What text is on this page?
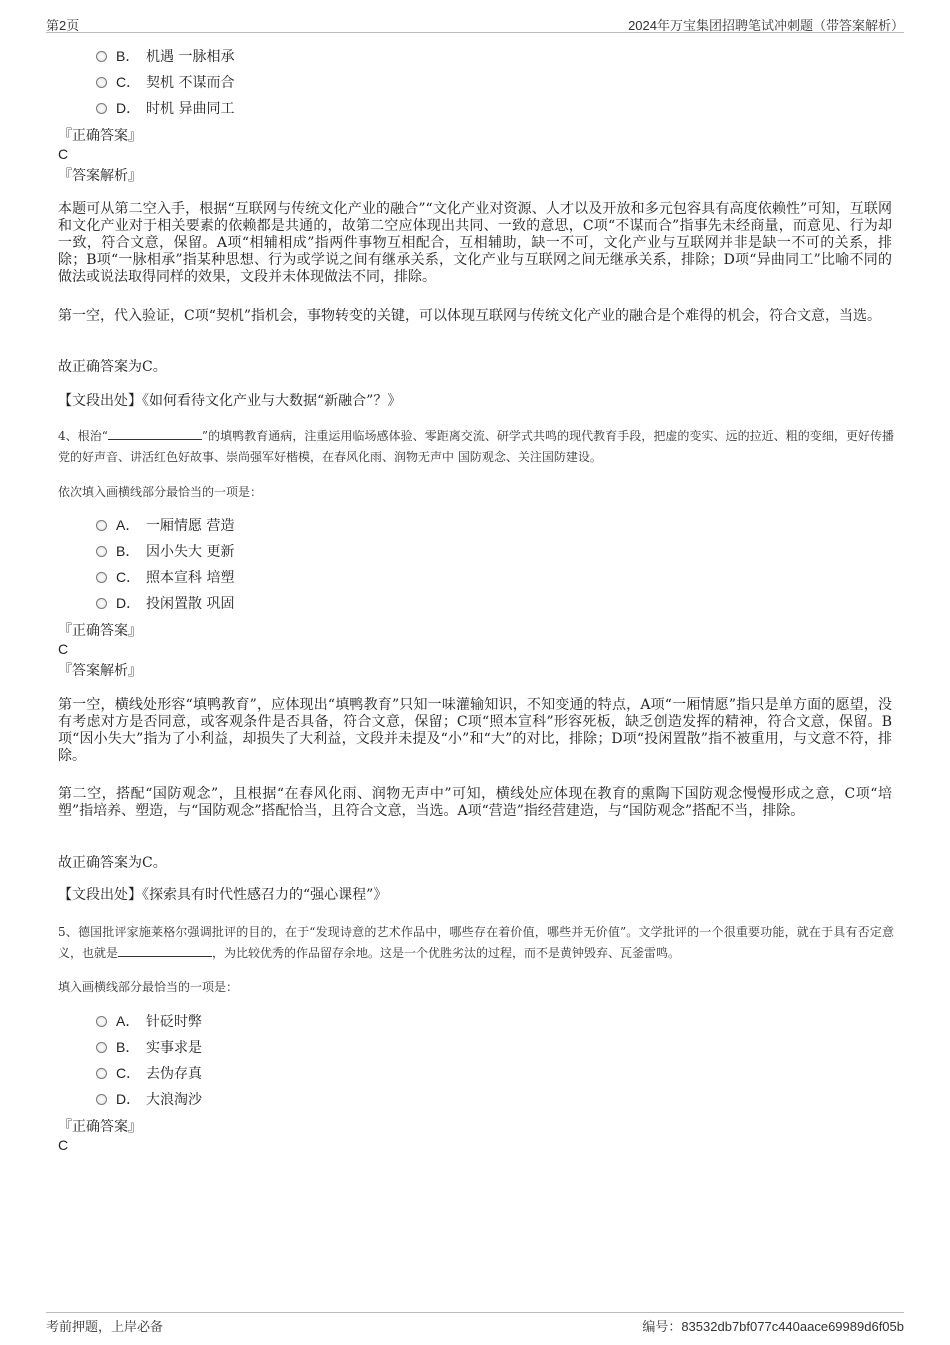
第2页	2024年万宝集团招聘笔试冲刺题（带答案解析）
B． 机遇 一脉相承
C． 契机 不谋而合
D． 时机 异曲同工
『正确答案』
C
『答案解析』
本题可从第二空入手，根据“互联网与传统文化产业的融合”“文化产业对资源、人才以及开放和多元包容具有高度依赖性”可知，互联网和文化产业对于相关要素的依赖都是共通的，故第二空应体现出共同、一致的意思，C项“不谋而合”指事先未经商量，而意见、行为却一致，符合文意，保留。A项“相辅相成”指两件事物互相配合，互相辅助，缺一不可，文化产业与互联网并非是缺一不可的关系，排除；B项“一脉相承”指某种思想、行为或学说之间有继承关系，文化产业与互联网之间无继承关系，排除；D项“异曲同工”比喻不同的做法或说法取得同样的效果，文段并未体现做法不同，排除。
第一空，代入验证，C项“契机”指机会，事物转变的关键，可以体现互联网与传统文化产业的融合是个难得的机会，符合文意，当选。
故正确答案为C。
【文段出处】《如何看待文化产业与大数据“新融合”？》
4、根治“	”的填鸭教育通病，注重运用临场感体验、零距离交流、研学式共鸣的现代教育手段，把虚的变实、远的拉近、粗的变细，更好传播党的好声音、讲活红色好故事、崇尚强军好楷模，在春风化雨、润物无声中 国防观念、关注国防建设。
依次填入画横线部分最恰当的一项是：
A． 一厢情愿 营造
B． 因小失大 更新
C． 照本宣科 培塑
D． 投闲置散 巩固
『正确答案』
C
『答案解析』
第一空，横线处形容“填鸭教育”，应体现出“填鸭教育”只知一味灌输知识，不知变通的特点，A项“一厢情愿”指只是单方面的愿望，没有考虑对方是否同意，或客观条件是否具备，符合文意，保留；C项“照本宣科”形容死板，缺乏创造发挥的精神，符合文意，保留。B项“因小失大”指为了小利益，却损失了大利益，文段并未提及“小”和“大”的对比，排除；D项“投闲置散”指不被重用，与文意不符，排除。
第二空，搭配“国防观念”，且根据“在春风化雨、润物无声中”可知，横线处应体现在教育的熏陶下国防观念慢慢形成之意，C项“培塑”指培养、塑造，与“国防观念”搭配恰当，且符合文意，当选。A项“营造”指经营建造，与“国防观念”搭配不当，排除。
故正确答案为C。
【文段出处】《探索具有时代性感召力的“强心课程”》
5、德国批评家施莱格尔强调批评的目的，在于“发现诗意的艺术作品中，哪些存在着价值，哪些并无价值”。文学批评的一个很重要功能，就在于具有否定意义，也就是	，为比较优秀的作品留存余地。这是一个优胜劣汰的过程，而不是黄钟毁弃、瓦釜雷鸣。
填入画横线部分最恰当的一项是：
A． 针砭时弊
B． 实事求是
C． 去伪存真
D． 大浪淘沙
『正确答案』
C
考前押题，上岸必备	编号：83532db7bf077c440aace69989d6f05b
